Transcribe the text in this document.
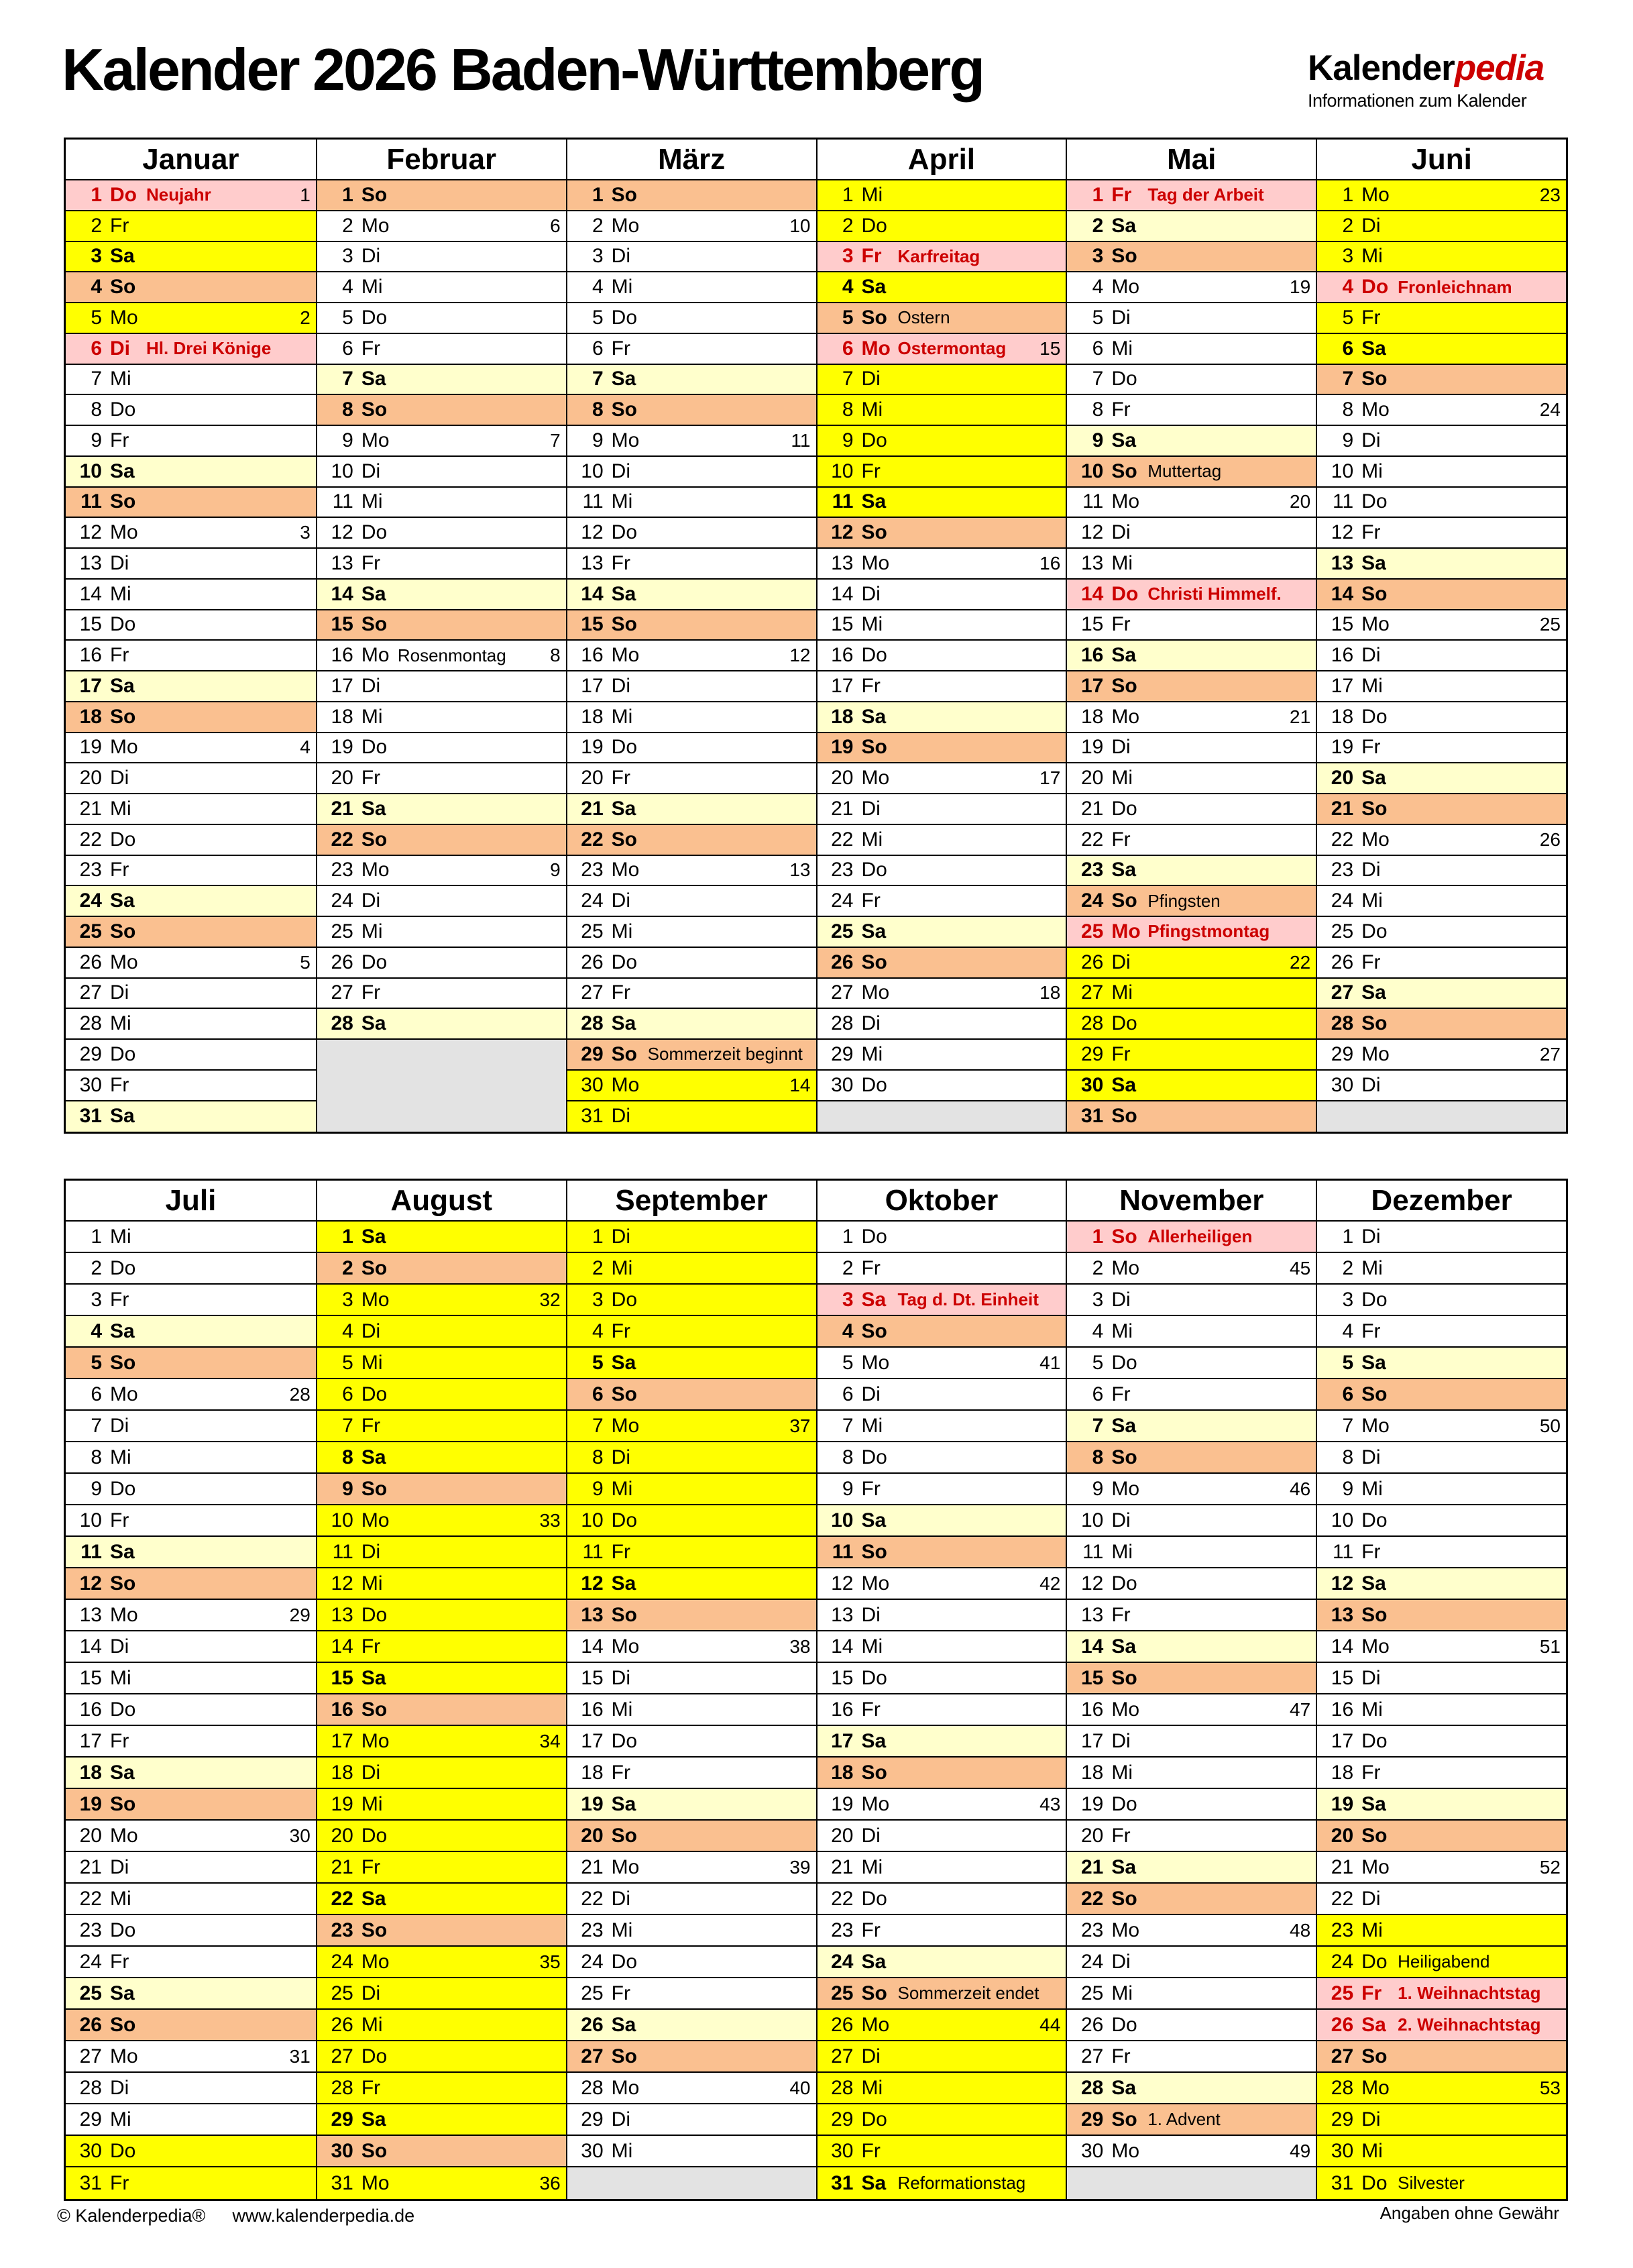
Kalender 2026 Baden-Württemberg	Kalenderpedia
Informationen zum Kalender
Januar
1 Do Neujahr	1
2 Fr
3 Sa
4 So
5 Mo	2
6 Di Hl. Drei Könige
7 Mi
8 Do
9 Fr
10 Sa
11 So
12 Mo	3
13 Di
14 Mi
15 Do
16 Fr
17 Sa
18 So
19 Mo	4
20 Di
21 Mi
22 Do
23 Fr
24 Sa
25 So
26 Mo	5
27 Di
28 Mi
29 Do
30 Fr
31 Sa
Februar
1 So
2 Mo	6
3 Di
4 Mi
5 Do
6 Fr
7 Sa
8 So
9 Mo	7
10 Di
11 Mi
12 Do
13 Fr
14 Sa
15 So
16 Mo Rosenmontag 8
17 Di
18 Mi
19 Do
20 Fr
21 Sa
22 So
23 Mo	9
24 Di
25 Mi
26 Do
27 Fr
28 Sa
März
1 So
2 Mo	10
3 Di
4 Mi
5 Do
6 Fr
7 Sa
8 So
9 Mo	11
10 Di
11 Mi
12 Do
13 Fr
14 Sa
15 So
16 Mo	12
17 Di
18 Mi
19 Do
20 Fr
21 Sa
22 So
23 Mo	13
24 Di
25 Mi
26 Do
27 Fr
28 Sa
29 So Sommerzeit beginnt
30 Mo	14
31 Di
April
1 Mi
2 Do
3 Fr Karfreitag
4 Sa
5 So Ostern
6 Mo Ostermontag 15
7 Di
8 Mi
9 Do
10 Fr
11 Sa
12 So
13 Mo	16
14 Di
15 Mi
16 Do
17 Fr
18 Sa
19 So
20 Mo	17
21 Di
22 Mi
23 Do
24 Fr
25 Sa
26 So
27 Mo	18
28 Di
29 Mi
30 Do
Mai
1 Fr Tag der Arbeit
2 Sa
3 So
4 Mo	19
5 Di
6 Mi
7 Do
8 Fr
9 Sa
10 So Muttertag
11 Mo	20
12 Di
13 Mi
14 Do Christi Himmelf.
15 Fr
16 Sa
17 So
18 Mo	21
19 Di
20 Mi
21 Do
22 Fr
23 Sa
24 So Pfingsten
25 Mo Pfingstmontag
26 Di	22
27 Mi
28 Do
29 Fr
30 Sa
31 So
Juni
1 Mo	23
2 Di
3 Mi
4 Do Fronleichnam
5 Fr
6 Sa
7 So
8 Mo	24
9 Di
10 Mi
11 Do
12 Fr
13 Sa
14 So
15 Mo	25
16 Di
17 Mi
18 Do
19 Fr
20 Sa
21 So
22 Mo	26
23 Di
24 Mi
25 Do
26 Fr
27 Sa
28 So
29 Mo	27
30 Di
Juli
1 Mi
2 Do
3 Fr
4 Sa
5 So
6 Mo	28
7 Di
8 Mi
9 Do
10 Fr
11 Sa
12 So
13 Mo	29
14 Di
15 Mi
16 Do
17 Fr
18 Sa
19 So
20 Mo	30
21 Di
22 Mi
23 Do
24 Fr
25 Sa
26 So
27 Mo	31
28 Di
29 Mi
30 Do
31 Fr
August
1 Sa
2 So
3 Mo	32
4 Di
5 Mi
6 Do
7 Fr
8 Sa
9 So
10 Mo	33
11 Di
12 Mi
13 Do
14 Fr
15 Sa
16 So
17 Mo	34
18 Di
19 Mi
20 Do
21 Fr
22 Sa
23 So
24 Mo	35
25 Di
26 Mi
27 Do
28 Fr
29 Sa
30 So
31 Mo	36
September
1 Di
2 Mi
3 Do
4 Fr
5 Sa
6 So
7 Mo	37
8 Di
9 Mi
10 Do
11 Fr
12 Sa
13 So
14 Mo	38
15 Di
16 Mi
17 Do
18 Fr
19 Sa
20 So
21 Mo	39
22 Di
23 Mi
24 Do
25 Fr
26 Sa
27 So
28 Mo	40
29 Di
30 Mi
Oktober
1 Do
2 Fr
3 Sa Tag d. Dt. Einheit
4 So
5 Mo	41
6 Di
7 Mi
8 Do
9 Fr
10 Sa
11 So
12 Mo	42
13 Di
14 Mi
15 Do
16 Fr
17 Sa
18 So
19 Mo	43
20 Di
21 Mi
22 Do
23 Fr
24 Sa
25 So Sommerzeit endet
26 Mo	44
27 Di
28 Mi
29 Do
30 Fr
31 Sa Reformationstag
November
1 So Allerheiligen
2 Mo	45
3 Di
4 Mi
5 Do
6 Fr
7 Sa
8 So
9 Mo	46
10 Di
11 Mi
12 Do
13 Fr
14 Sa
15 So
16 Mo	47
17 Di
18 Mi
19 Do
20 Fr
21 Sa
22 So
23 Mo	48
24 Di
25 Mi
26 Do
27 Fr
28 Sa
29 So 1. Advent
30 Mo	49
Dezember
1 Di
2 Mi
3 Do
4 Fr
5 Sa
6 So
7 Mo	50
8 Di
9 Mi
10 Do
11 Fr
12 Sa
13 So
14 Mo	51
15 Di
16 Mi
17 Do
18 Fr
19 Sa
20 So
21 Mo	52
22 Di
23 Mi
24 Do Heiligabend
25 Fr 1. Weihnachtstag
26 Sa 2. Weihnachtstag
27 So
28 Mo	53
29 Di
30 Mi
31 Do Silvester
© Kalenderpedia® www.kalenderpedia.de	Angaben ohne Gewähr
